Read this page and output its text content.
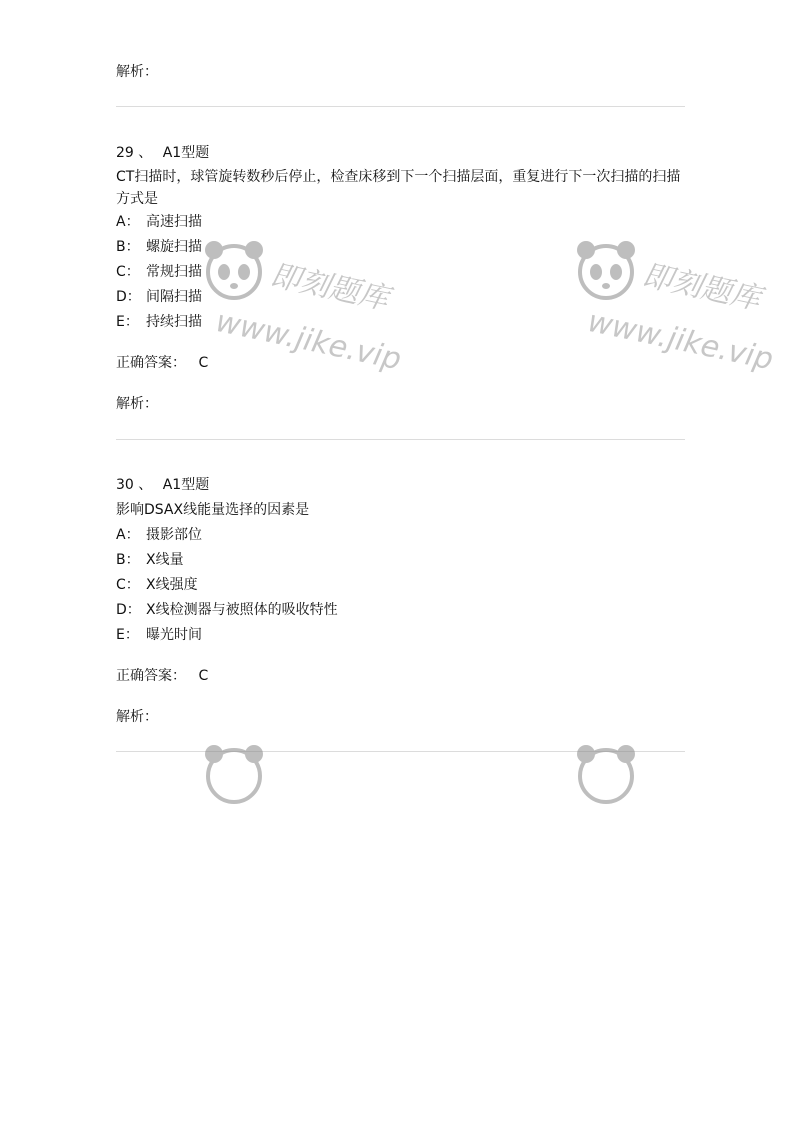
解析：
29 、 A1型题
CT扫描时，球管旋转数秒后停止，检查床移到下一个扫描层面，重复进行下一次扫描的扫描方式是
A： 高速扫描
B： 螺旋扫描
C： 常规扫描
D： 间隔扫描
E： 持续扫描
正确答案： C
解析：
30 、 A1型题
影响DSAX线能量选择的因素是
A： 摄影部位
B： X线量
C： X线强度
D： X线检测器与被照体的吸收特性
E： 曝光时间
正确答案： C
解析：
即刻题库
www.jike.vip
即刻题库
www.jike.vip
